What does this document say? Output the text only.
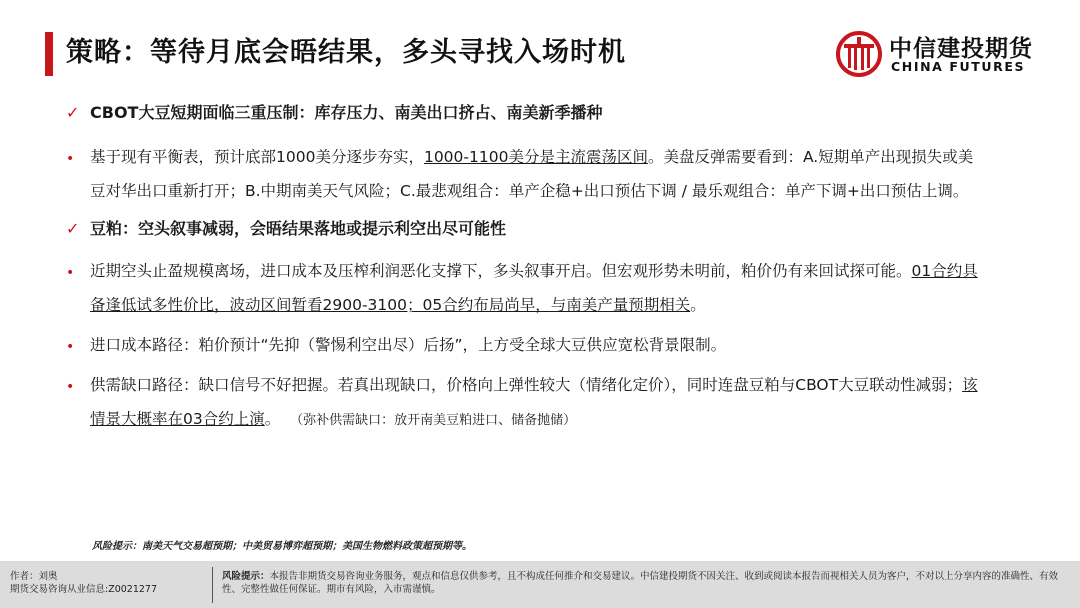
策略：等待月底会晤结果，多头寻找入场时机	中信建投期货
CHINA FUTURES
✓ CBOT大豆短期面临三重压制：库存压力、南美出口挤占、南美新季播种
• 基于现有平衡表，预计底部1000美分逐步夯实，1000-1100美分是主流震荡区间。美盘反弹需要看到：A.短期单产出现损失或美豆对华出口重新打开；B.中期南美天气风险；C.最悲观组合：单产企稳+出口预估下调 / 最乐观组合：单产下调+出口预估上调。
✓ 豆粕：空头叙事减弱，会晤结果落地或提示利空出尽可能性
• 近期空头止盈规模离场，进口成本及压榨利润恶化支撑下，多头叙事开启。但宏观形势未明前，粕价仍有来回试探可能。01合约具备逢低试多性价比，波动区间暂看2900-3100；05合约布局尚早，与南美产量预期相关。
• 进口成本路径：粕价预计“先抑（警惕利空出尽）后扬”，上方受全球大豆供应宽松背景限制。
• 供需缺口路径：缺口信号不好把握。若真出现缺口，价格向上弹性较大（情绪化定价），同时连盘豆粕与CBOT大豆联动性减弱；该情景大概率在03合约上演。 （弥补供需缺口：放开南美豆粕进口、储备抛储）
风险提示：南美天气交易超预期；中美贸易博弈超预期；美国生物燃料政策超预期等。
作者：刘奥
期货交易咨询从业信息:Z0021277
风险提示：本报告非期货交易咨询业务服务，观点和信息仅供参考，且不构成任何推介和交易建议。中信建投期货不因关注、收到或阅读本报告而视相关人员为客户，不对以上分享内容的准确性、有效性、完整性做任何保证。期市有风险，入市需谨慎。
